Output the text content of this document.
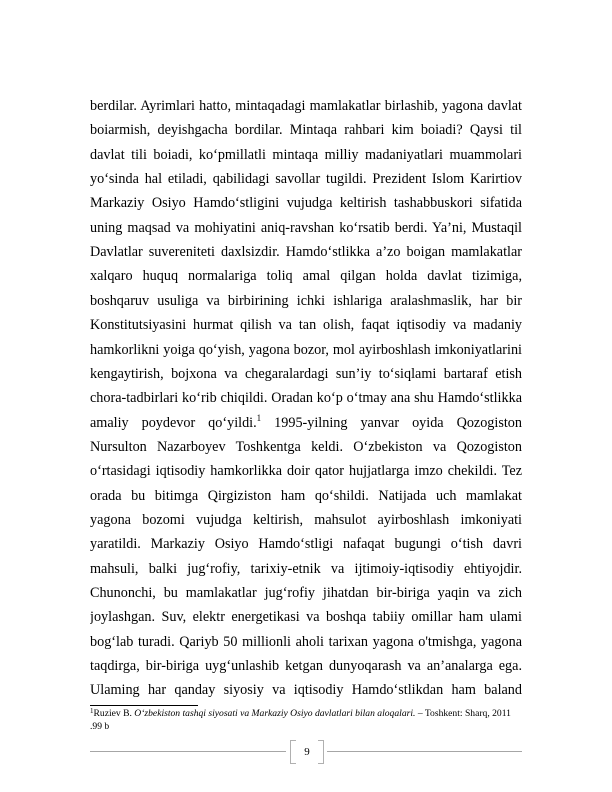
berdilar. Ayrimlari hatto, mintaqadagi mamlakatlar birlashib, yagona davlat
boiarmish, deyishgacha bordilar. Mintaqa rahbari kim boiadi? Qaysi til
davlat tili boiadi, ko‘pmillatli mintaqa milliy madaniyatlari muammolari
yo‘sinda hal etiladi, qabilidagi savollar tugildi. Prezident Islom Karirtiov
Markaziy Osiyo Hamdo‘stligini vujudga keltirish tashabbuskori sifatida
uning maqsad va mohiyatini aniq-ravshan ko‘rsatib berdi. Ya’ni, Mustaqil
Davlatlar suvereniteti daxlsizdir. Hamdo‘stlikka a’zo boigan mamlakatlar
xalqaro huquq normalariga toliq amal qilgan holda davlat tizimiga,
boshqaruv usuliga va birbirining ichki ishlariga aralashmaslik, har bir
Konstitutsiyasini hurmat qilish va tan olish, faqat iqtisodiy va madaniy
hamkorlikni yoiga qo‘yish, yagona bozor, mol ayirboshlash imkoniyatlarini
kengaytirish, bojxona va chegaralardagi sun’iy to‘siqlami bartaraf etish
chora-tadbirlari ko‘rib chiqildi. Oradan ko‘p o‘tmay ana shu Hamdo‘stlikka
amaliy poydevor qo‘yildi.$^1$ 1995-yilning yanvar oyida Qozogiston
Nursulton Nazarboyev Toshkentga keldi. O‘zbekiston va Qozogiston
o‘rtasidagi iqtisodiy hamkorlikka doir qator hujjatlarga imzo chekildi. Tez
orada bu bitimga Qirgiziston ham qo‘shildi. Natijada uch mamlakat
yagona bozomi vujudga keltirish, mahsulot ayirboshlash imkoniyati
yaratildi. Markaziy Osiyo Hamdo‘stligi nafaqat bugungi o‘tish davri
mahsuli, balki jug‘rofiy, tarixiy-etnik va ijtimoiy-iqtisodiy ehtiyojdir.
Chunonchi, bu mamlakatlar jug‘rofiy jihatdan bir-biriga yaqin va zich
joylashgan. Suv, elektr energetikasi va boshqa tabiiy omillar ham ulami
bog‘lab turadi. Qariyb 50 millionli aholi tarixan yagona o'tmishga, yagona
taqdirga, bir-biriga uyg‘unlashib ketgan dunyoqarash va an’analarga ega.
Ulaming har qanday siyosiy va iqtisodiy Hamdo‘stlikdan ham baland
$^1$Ruziev B. O‘zbekiston tashqi siyosati va Markaziy Osiyo davlatlari bilan aloqalari. – Toshkent: Sharq, 2011 .99 b
9
